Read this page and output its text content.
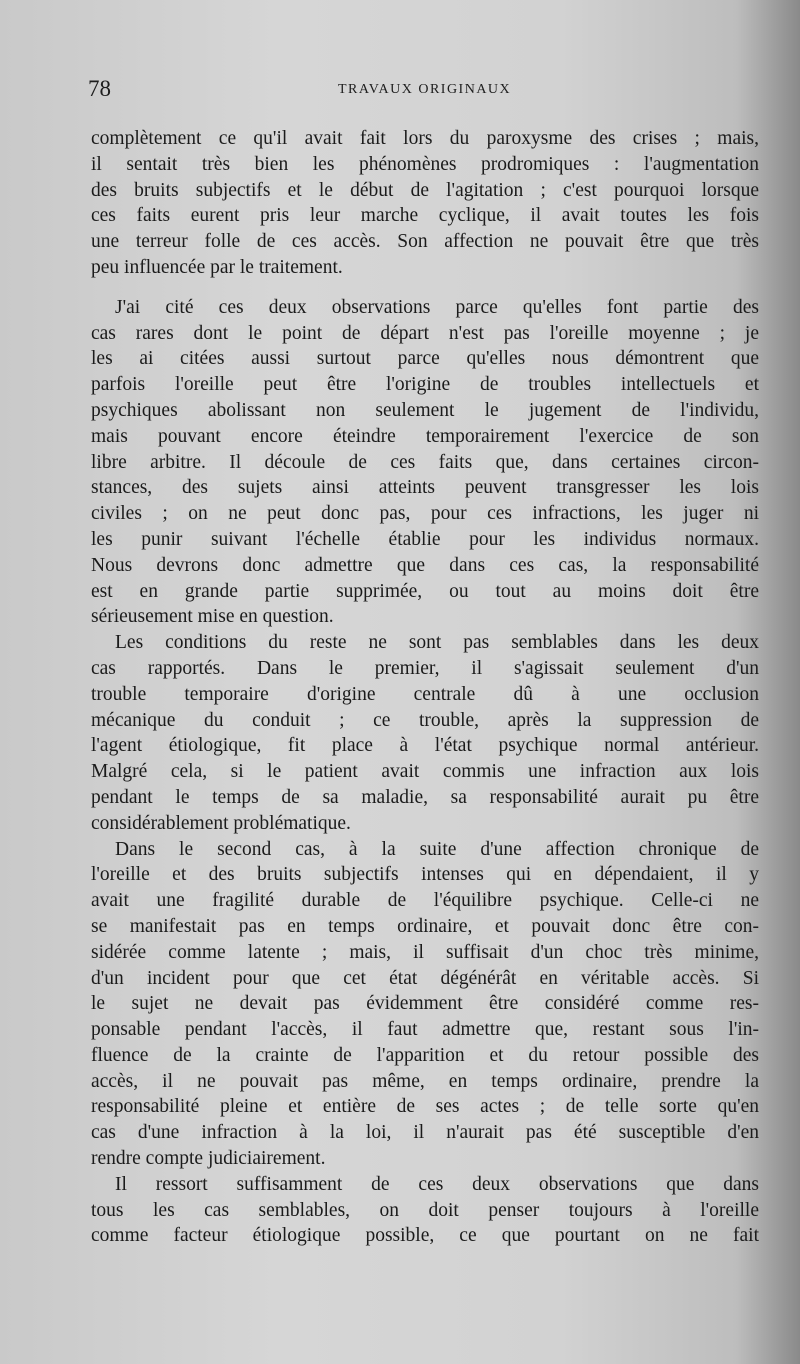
78	TRAVAUX ORIGINAUX
complètement ce qu'il avait fait lors du paroxysme des crises ; mais,
il sentait très bien les phénomènes prodromiques : l'augmentation
des bruits subjectifs et le début de l'agitation ; c'est pourquoi lorsque
ces faits eurent pris leur marche cyclique, il avait toutes les fois
une terreur folle de ces accès. Son affection ne pouvait être que très
peu influencée par le traitement.
J'ai cité ces deux observations parce qu'elles font partie des
cas rares dont le point de départ n'est pas l'oreille moyenne ; je
les ai citées aussi surtout parce qu'elles nous démontrent que
parfois l'oreille peut être l'origine de troubles intellectuels et
psychiques abolissant non seulement le jugement de l'individu,
mais pouvant encore éteindre temporairement l'exercice de son
libre arbitre. Il découle de ces faits que, dans certaines circon-
stances, des sujets ainsi atteints peuvent transgresser les lois
civiles ; on ne peut donc pas, pour ces infractions, les juger ni
les punir suivant l'échelle établie pour les individus normaux.
Nous devrons donc admettre que dans ces cas, la responsabilité
est en grande partie supprimée, ou tout au moins doit être
sérieusement mise en question.
Les conditions du reste ne sont pas semblables dans les deux
cas rapportés. Dans le premier, il s'agissait seulement d'un
trouble temporaire d'origine centrale dû à une occlusion
mécanique du conduit ; ce trouble, après la suppression de
l'agent étiologique, fit place à l'état psychique normal antérieur.
Malgré cela, si le patient avait commis une infraction aux lois
pendant le temps de sa maladie, sa responsabilité aurait pu être
considérablement problématique.
Dans le second cas, à la suite d'une affection chronique de
l'oreille et des bruits subjectifs intenses qui en dépendaient, il y
avait une fragilité durable de l'équilibre psychique. Celle-ci ne
se manifestait pas en temps ordinaire, et pouvait donc être con-
sidérée comme latente ; mais, il suffisait d'un choc très minime,
d'un incident pour que cet état dégénérât en véritable accès. Si
le sujet ne devait pas évidemment être considéré comme res-
ponsable pendant l'accès, il faut admettre que, restant sous l'in-
fluence de la crainte de l'apparition et du retour possible des
accès, il ne pouvait pas même, en temps ordinaire, prendre la
responsabilité pleine et entière de ses actes ; de telle sorte qu'en
cas d'une infraction à la loi, il n'aurait pas été susceptible d'en
rendre compte judiciairement.
Il ressort suffisamment de ces deux observations que dans
tous les cas semblables, on doit penser toujours à l'oreille
comme facteur étiologique possible, ce que pourtant on ne fait
